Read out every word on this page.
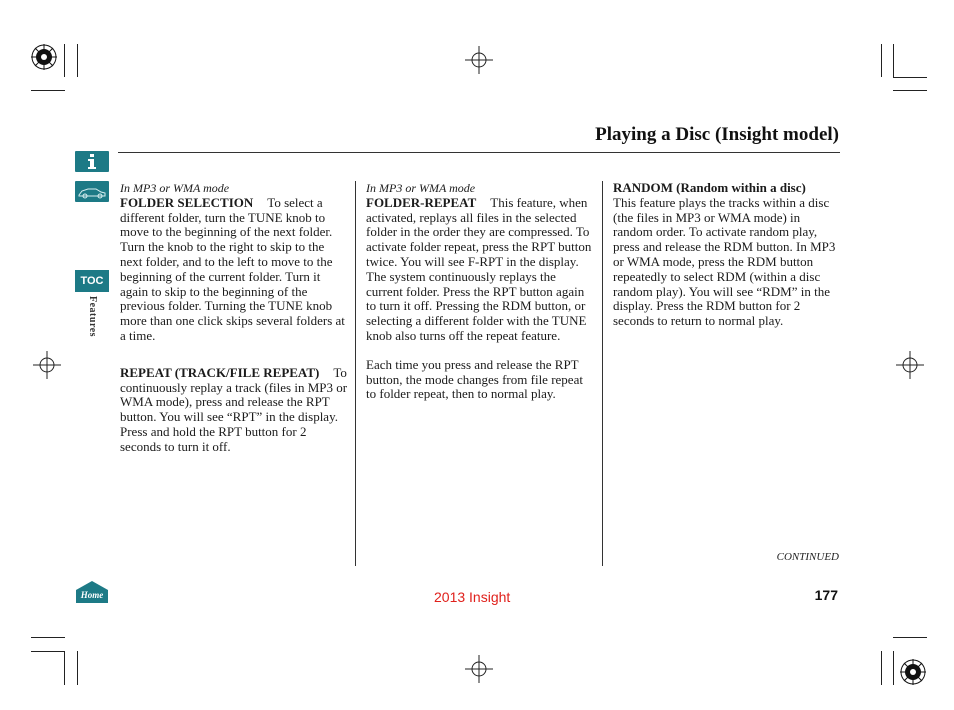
Playing a Disc (Insight model)
TOC
Features
Home

In MP3 or WMA mode

FOLDER SELECTION To select a different folder, turn the TUNE knob to move to the beginning of the next folder. Turn the knob to the right to skip to the next folder, and to the left to move to the beginning of the current folder. Turn it again to skip to the beginning of the previous folder. Turning the TUNE knob more than one click skips several folders at a time.

REPEAT (TRACK/FILE REPEAT) To continuously replay a track (files in MP3 or WMA mode), press and release the RPT button. You will see “RPT” in the display. Press and hold the RPT button for 2 seconds to turn it off.

In MP3 or WMA mode

FOLDER-REPEAT This feature, when activated, replays all files in the selected folder in the order they are compressed. To activate folder repeat, press the RPT button twice. You will see F-RPT in the display. The system continuously replays the current folder. Press the RPT button again to turn it off. Pressing the RDM button, or selecting a different folder with the TUNE knob also turns off the repeat feature.

Each time you press and release the RPT button, the mode changes from file repeat to folder repeat, then to normal play.

RANDOM (Random within a disc)This feature plays the tracks within a disc (the files in MP3 or WMA mode) in random order. To activate random play, press and release the RDM button. In MP3 or WMA mode, press the RDM button repeatedly to select RDM (within a disc random play). You will see “RDM” in the display. Press the RDM button for 2 seconds to return to normal play.

CONTINUED
2013 Insight	177
